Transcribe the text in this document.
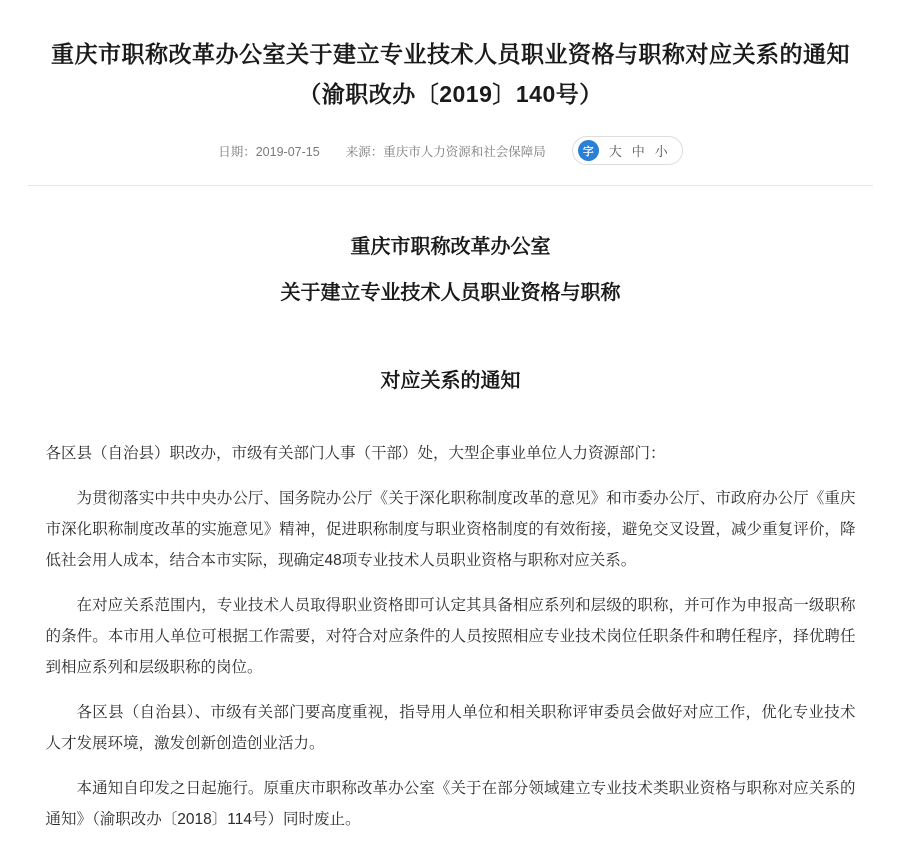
重庆市职称改革办公室关于建立专业技术人员职业资格与职称对应关系的通知（渝职改办〔2019〕140号）
日期：2019-07-15 来源：重庆市人力资源和社会保障局	字	大 中 小
重庆市职称改革办公室
关于建立专业技术人员职业资格与职称
对应关系的通知

各区县（自治县）职改办，市级有关部门人事（干部）处，大型企事业单位人力资源部门：

为贯彻落实中共中央办公厅、国务院办公厅《关于深化职称制度改革的意见》和市委办公厅、市政府办公厅《重庆市深化职称制度改革的实施意见》精神，促进职称制度与职业资格制度的有效衔接，避免交叉设置，减少重复评价，降低社会用人成本，结合本市实际，现确定48项专业技术人员职业资格与职称对应关系。

在对应关系范围内，专业技术人员取得职业资格即可认定其具备相应系列和层级的职称，并可作为申报高一级职称的条件。本市用人单位可根据工作需要，对符合对应条件的人员按照相应专业技术岗位任职条件和聘任程序，择优聘任到相应系列和层级职称的岗位。

各区县（自治县）、市级有关部门要高度重视，指导用人单位和相关职称评审委员会做好对应工作，优化专业技术人才发展环境，激发创新创造创业活力。

本通知自印发之日起施行。原重庆市职称改革办公室《关于在部分领域建立专业技术类职业资格与职称对应关系的通知》（渝职改办〔2018〕114号）同时废止。
